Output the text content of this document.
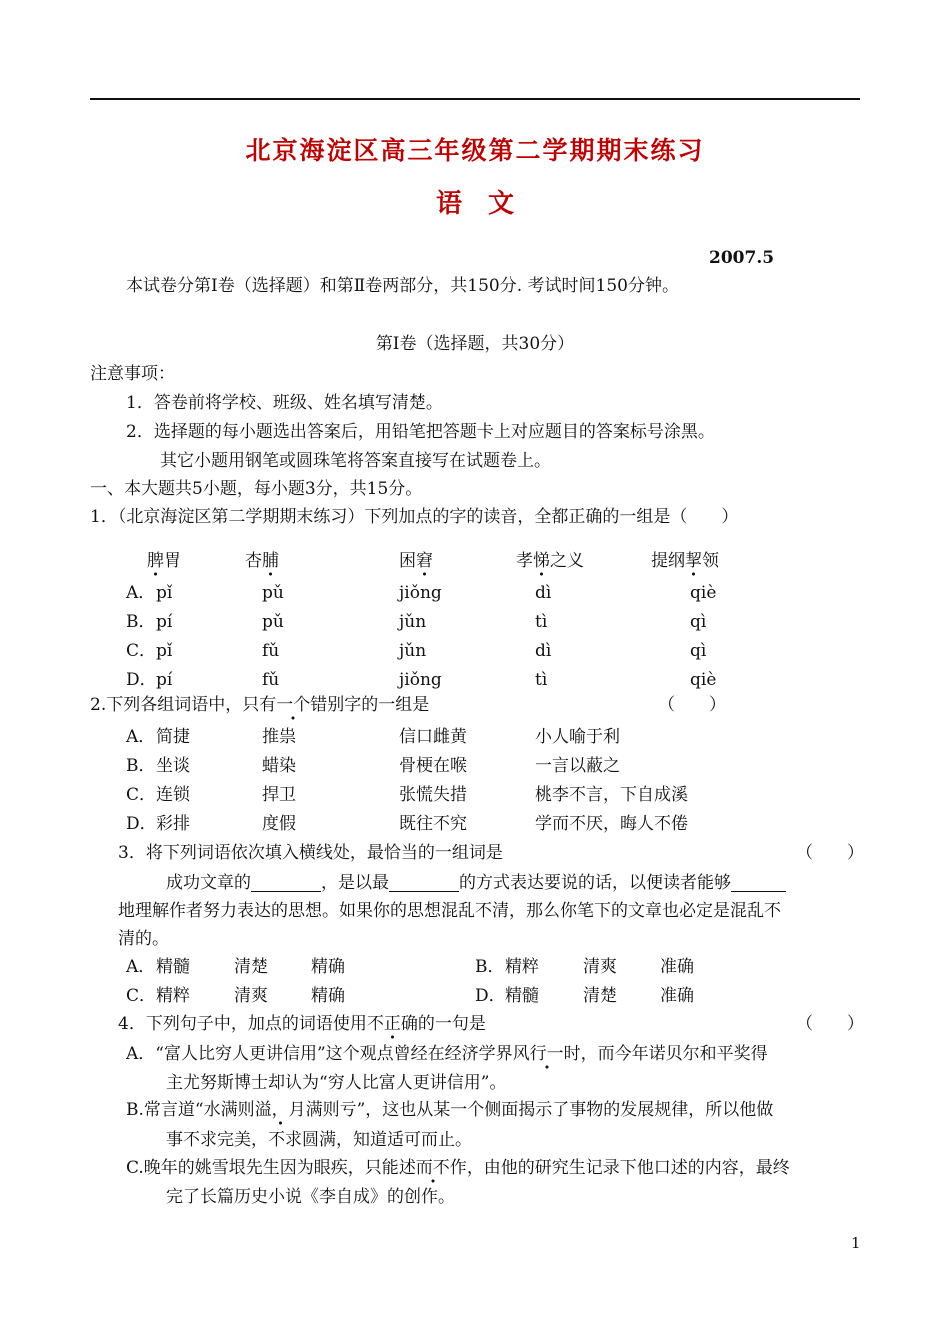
北京海淀区高三年级第二学期期末练习
语　文
2007.5
本试卷分第Ⅰ卷（选择题）和第Ⅱ卷两部分，共150分. 考试时间150分钟。
第Ⅰ卷（选择题，共30分）
注意事项：
1．答卷前将学校、班级、姓名填写清楚。
2．选择题的每小题选出答案后，用铅笔把答题卡上对应题目的答案标号涂黑。
其它小题用钢笔或圆珠笔将答案直接写在试题卷上。
一、本大题共5小题，每小题3分，共15分。
1．（北京海淀区第二学期期末练习）下列加点的字的读音，全都正确的一组是（　　）
脾胃	杏脯	困窘	孝悌之义	提纲挈领
A． pǐ	pǔ	jiǒng	dì	qiè
B． pí	pǔ	jǔn	tì	qì
C． pǐ	fǔ	jǔn	dì	qì
D． pí	fǔ	jiǒng	tì	qiè
2.下列各组词语中，只有一个错别字的一组是	（　　）
A． 简捷	推祟	信口雌黄	小人喻于利
B． 坐谈	蜡染	骨梗在喉	一言以蔽之
C． 连锁	捍卫	张慌失措	桃李不言，下自成溪
D． 彩排	度假	既往不究	学而不厌，晦人不倦
3．将下列词语依次填入横线处，最恰当的一组词是	（　　）
成功文章的	，是以最	的方式表达要说的话，以便读者能够
地理解作者努力表达的思想。如果你的思想混乱不清，那么你笔下的文章也必定是混乱不
清的。
A． 精髓	清楚	精确	B． 精粹	清爽	准确
C． 精粹	清爽	精确	D． 精髓	清楚	准确
4．下列句子中，加点的词语使用不正确的一句是	（　　）
A．“富人比穷人更讲信用”这个观点曾经在经济学界风行一时，而今年诺贝尔和平奖得
主尤努斯博士却认为“穷人比富人更讲信用”。
B.常言道“水满则溢，月满则亏”，这也从某一个侧面揭示了事物的发展规律，所以他做
事不求完美，不求圆满，知道适可而止。
C.晚年的姚雪垠先生因为眼疾，只能述而不作，由他的研究生记录下他口述的内容，最终
完了长篇历史小说《李自成》的创作。
1
